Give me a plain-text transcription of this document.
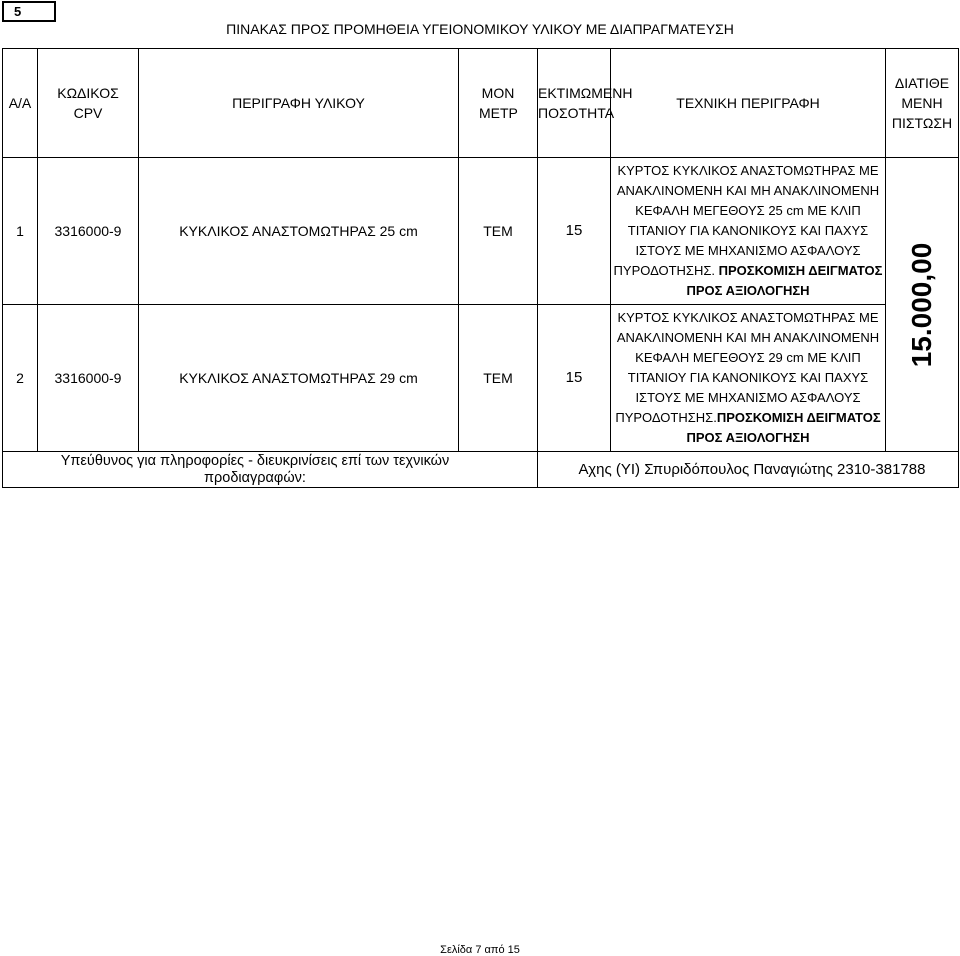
5
ΠΙΝΑΚΑΣ ΠΡΟΣ ΠΡΟΜΗΘΕΙΑ ΥΓΕΙΟΝΟΜΙΚΟΥ ΥΛΙΚΟΥ ΜΕ ΔΙΑΠΡΑΓΜΑΤΕΥΣΗ
Α/Α	ΚΩΔΙΚΟΣ CPV	ΠΕΡΙΓΡΑΦΗ ΥΛΙΚΟΥ	ΜΟΝ ΜΕΤΡ	ΕΚΤΙΜΩΜΕΝΗ ΠΟΣΟΤΗΤΑ	ΤΕΧΝΙΚΗ ΠΕΡΙΓΡΑΦΗ	ΔΙΑΤΙΘΕ ΜΕΝΗ ΠΙΣΤΩΣΗ
1	3316000-9	ΚΥΚΛΙΚΟΣ ΑΝΑΣΤΟΜΩΤΗΡΑΣ 25 cm	ΤΕΜ	15	ΚΥΡΤΟΣ ΚΥΚΛΙΚΟΣ ΑΝΑΣΤΟΜΩΤΗΡΑΣ ΜΕ ΑΝΑΚΛΙΝΟΜΕΝΗ ΚΑΙ ΜΗ ΑΝΑΚΛΙΝΟΜΕΝΗ ΚΕΦΑΛΗ ΜΕΓΕΘΟΥΣ 25 cm ΜΕ ΚΛΙΠ ΤΙΤΑΝΙΟΥ ΓΙΑ ΚΑΝΟΝΙΚΟΥΣ ΚΑΙ ΠΑΧΥΣ ΙΣΤΟΥΣ ΜΕ ΜΗΧΑΝΙΣΜΟ ΑΣΦΑΛΟΥΣ ΠΥΡΟΔΟΤΗΣΗΣ. ΠΡΟΣΚΟΜΙΣΗ ΔΕΙΓΜΑΤΟΣ ΠΡΟΣ ΑΞΙΟΛΟΓΗΣΗ	15.000,00

2	3316000-9	ΚΥΚΛΙΚΟΣ ΑΝΑΣΤΟΜΩΤΗΡΑΣ 29 cm	ΤΕΜ	15	ΚΥΡΤΟΣ ΚΥΚΛΙΚΟΣ ΑΝΑΣΤΟΜΩΤΗΡΑΣ ΜΕ ΑΝΑΚΛΙΝΟΜΕΝΗ ΚΑΙ ΜΗ ΑΝΑΚΛΙΝΟΜΕΝΗ ΚΕΦΑΛΗ ΜΕΓΕΘΟΥΣ 29 cm ΜΕ ΚΛΙΠ ΤΙΤΑΝΙΟΥ ΓΙΑ ΚΑΝΟΝΙΚΟΥΣ ΚΑΙ ΠΑΧΥΣ ΙΣΤΟΥΣ ΜΕ ΜΗΧΑΝΙΣΜΟ ΑΣΦΑΛΟΥΣ ΠΥΡΟΔΟΤΗΣΗΣ.ΠΡΟΣΚΟΜΙΣΗ ΔΕΙΓΜΑΤΟΣ ΠΡΟΣ ΑΞΙΟΛΟΓΗΣΗ	
Υπεύθυνος για πληροφορίες - διευκρινίσεις επί των τεχνικών προδιαγραφών:				Αχης (ΥΙ) Σπυριδόπουλος Παναγιώτης 2310-381788		
Σελίδα 7 από 15
